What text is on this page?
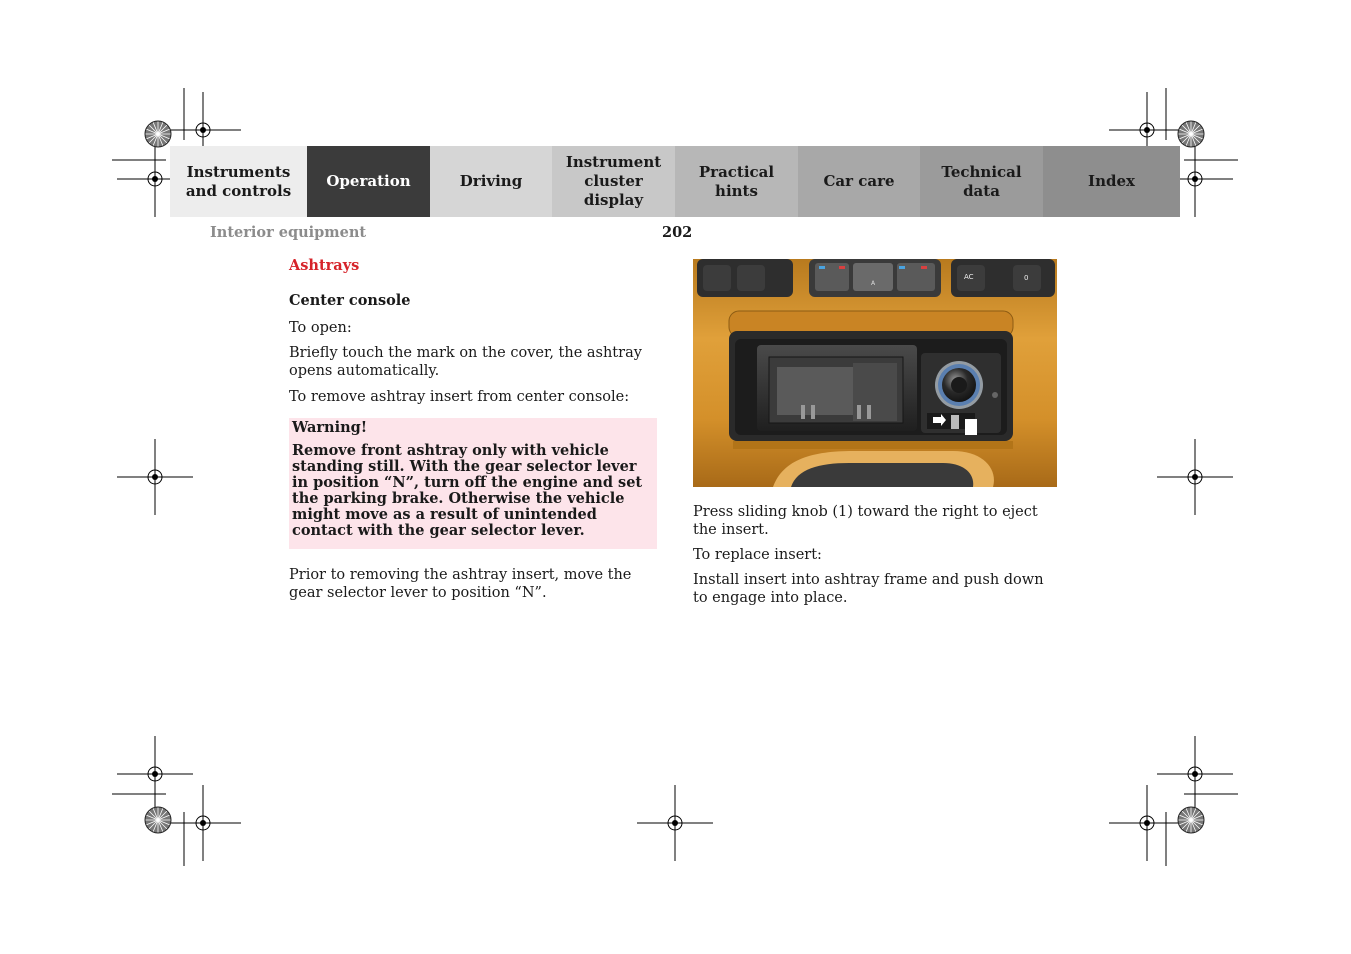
Instruments
and controls
Operation	Driving
Instrument
cluster display
Practical hints
Car care
Technical
data
Index
Interior equipment	202
Ashtrays

Center console

To open:

Briefly touch the mark on the cover, the ashtray opens automatically.

To remove ashtray insert from center console:

Warning!
Remove front ashtray only with vehicle standing still. With the gear selector lever in position “N”, turn off the engine and set the parking brake. Otherwise the vehicle might move as a result of unintended contact with the gear selector lever.

Prior to removing the ashtray insert, move the gear selector lever to position “N”.

A
AC	0

Press sliding knob (1) toward the right to eject the insert.

To replace insert:

Install insert into ashtray frame and push down to engage into place.
